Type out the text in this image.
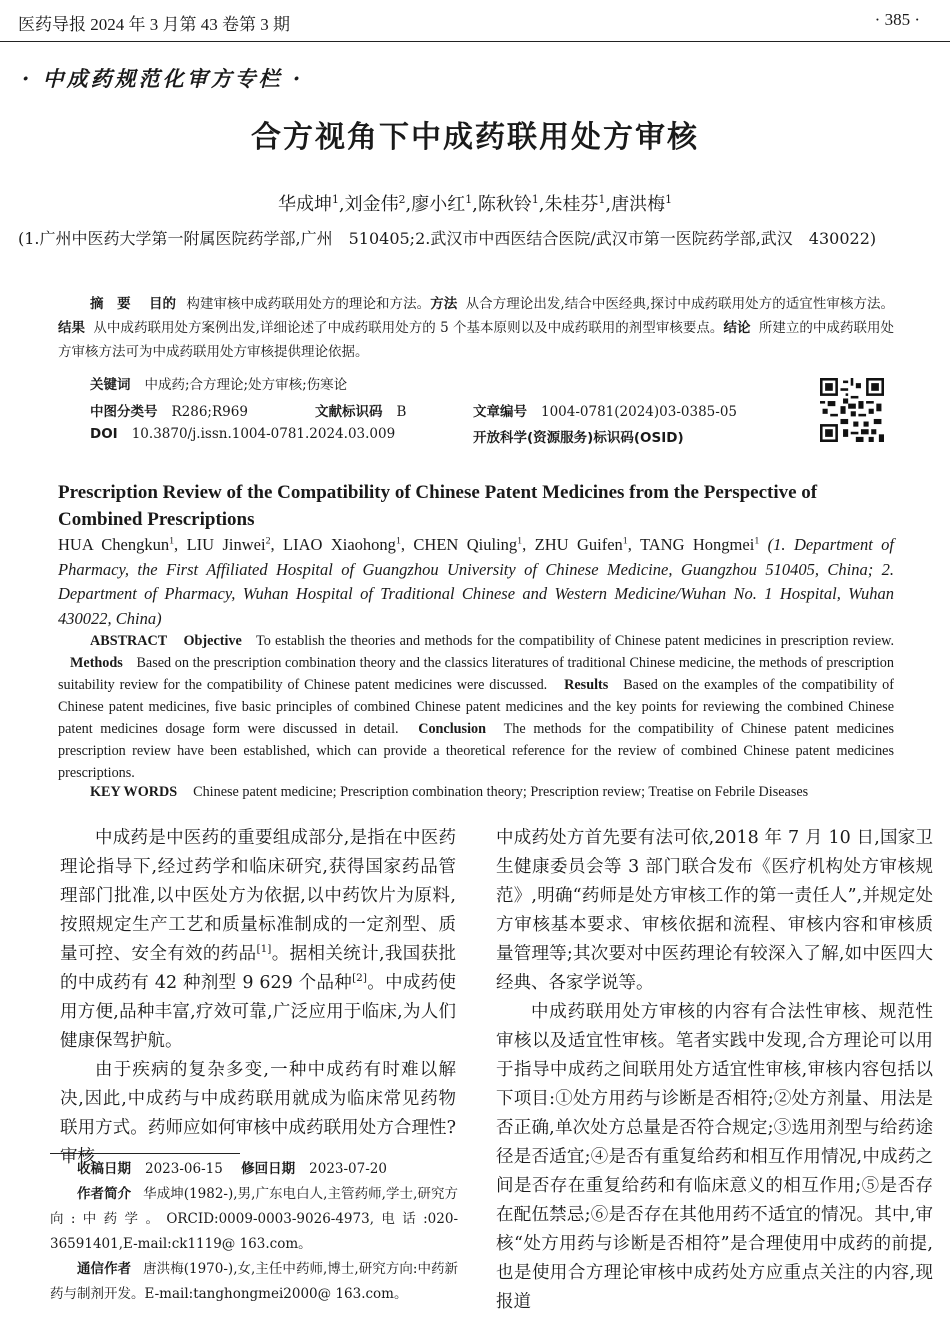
医药导报 2024 年 3 月第 43 卷第 3 期	· 385 ·
· 中成药规范化审方专栏 ·
合方视角下中成药联用处方审核
华成坤$^1$,刘金伟$^2$,廖小红$^1$,陈秋铃$^1$,朱桂芬$^1$,唐洪梅$^1$
(1.广州中医药大学第一附属医院药学部,广州　510405;2.武汉市中西医结合医院/武汉市第一医院药学部,武汉　430022)
摘　要 目的 构建审核中成药联用处方的理论和方法。方法 从合方理论出发,结合中医经典,探讨中成药联用处方的适宜性审核方法。结果 从中成药联用处方案例出发,详细论述了中成药联用处方的 5 个基本原则以及中成药联用的剂型审核要点。结论 所建立的中成药联用处方审核方法可为中成药联用处方审核提供理论依据。
关键词 中成药;合方理论;处方审核;伤寒论
中图分类号 R286;R969	文献标识码 B	文章编号 1004-0781(2024)03-0385-05
DOI 10.3870/j.issn.1004-0781.2024.03.009	开放科学(资源服务)标识码(OSID)
Prescription Review of the Compatibility of Chinese Patent Medicines from the Perspective of Combined Prescriptions
HUA Chengkun$^1$, LIU Jinwei$^2$, LIAO Xiaohong$^1$, CHEN Qiuling$^1$, ZHU Guifen$^1$, TANG Hongmei$^1$ (1. Department of Pharmacy, the First Affiliated Hospital of Guangzhou University of Chinese Medicine, Guangzhou 510405, China; 2. Department of Pharmacy, Wuhan Hospital of Traditional Chinese and Western Medicine/Wuhan No. 1 Hospital, Wuhan 430022, China)
ABSTRACT Objective To establish the theories and methods for the compatibility of Chinese patent medicines in prescription review. Methods Based on the prescription combination theory and the classics literatures of traditional Chinese medicine, the methods of prescription suitability review for the compatibility of Chinese patent medicines were discussed. Results Based on the examples of the compatibility of Chinese patent medicines, five basic principles of combined Chinese patent medicines and the key points for reviewing the combined Chinese patent medicines dosage form were discussed in detail. Conclusion The methods for the compatibility of Chinese patent medicines prescription review have been established, which can provide a theoretical reference for the review of combined Chinese patent medicines prescriptions.
KEY WORDS Chinese patent medicine; Prescription combination theory; Prescription review; Treatise on Febrile Diseases

中成药是中医药的重要组成部分,是指在中医药理论指导下,经过药学和临床研究,获得国家药品管理部门批准,以中医处方为依据,以中药饮片为原料,按照规定生产工艺和质量标准制成的一定剂型、质量可控、安全有效的药品[1]。据相关统计,我国获批的中成药有 42 种剂型 9 629 个品种[2]。中成药使用方便,品种丰富,疗效可靠,广泛应用于临床,为人们健康保驾护航。

由于疾病的复杂多变,一种中成药有时难以解决,因此,中成药与中成药联用就成为临床常见药物联用方式。药师应如何审核中成药联用处方合理性? 审核

收稿日期 2023-06-15 修回日期 2023-07-20

作者简介 华成坤(1982-),男,广东电白人,主管药师,学士,研究方向:中药学。ORCID:0009-0003-9026-4973,电话:020-36591401,E-mail:ck1119@ 163.com。

通信作者 唐洪梅(1970-),女,主任中药师,博士,研究方向:中药新药与制剂开发。E-mail:tanghongmei2000@ 163.com。

中成药处方首先要有法可依,2018 年 7 月 10 日,国家卫生健康委员会等 3 部门联合发布《医疗机构处方审核规范》,明确“药师是处方审核工作的第一责任人”,并规定处方审核基本要求、审核依据和流程、审核内容和审核质量管理等;其次要对中医药理论有较深入了解,如中医四大经典、各家学说等。

中成药联用处方审核的内容有合法性审核、规范性审核以及适宜性审核。笔者实践中发现,合方理论可以用于指导中成药之间联用处方适宜性审核,审核内容包括以下项目:①处方用药与诊断是否相符;②处方剂量、用法是否正确,单次处方总量是否符合规定;③选用剂型与给药途径是否适宜;④是否有重复给药和相互作用情况,中成药之间是否存在重复给药和有临床意义的相互作用;⑤是否存在配伍禁忌;⑥是否存在其他用药不适宜的情况。其中,审核“处方用药与诊断是否相符”是合理使用中成药的前提,也是使用合方理论审核中成药处方应重点关注的内容,现报道
